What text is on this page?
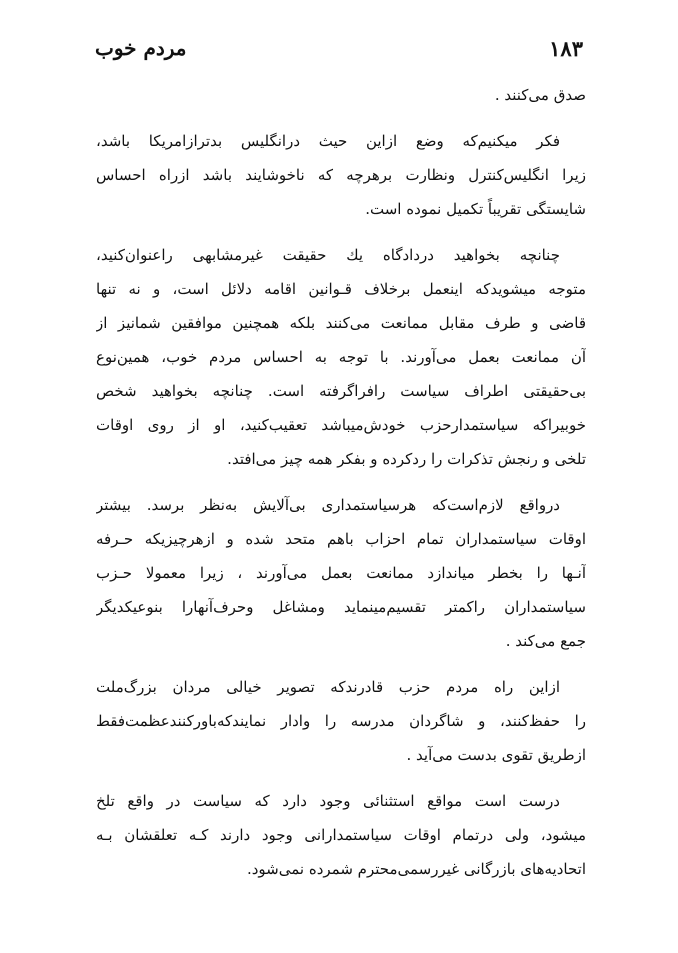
۱۸۳
مردم خوب
صدق می‌کنند .
فکر میکنیم‌که وضع ازاین حیث درانگلیس بدترازامریکا باشد،
زیرا انگلیس‌کنترل ونظارت برهرچه که ناخوشایند باشد ازراه احساس
شایستگی تقریباً تکمیل نموده است.
چنانچه بخواهید دردادگاه یك حقیقت غیرمشابهی راعنوان‌کنید،
متوجه میشویدکه اینعمل برخلاف قـوانین اقامه دلائل است، و نه تنها
قاضی و طرف مقابل ممانعت می‌کنند بلکه همچنین موافقین شمانیز از
آن ممانعت بعمل می‌آورند. با توجه به احساس مردم خوب، همین‌نوع
بی‌حقیقتی اطراف سیاست رافراگرفته است. چنانچه بخواهید شخص
خوبیراکه سیاستمدارحزب خودش‌میباشد تعقیب‌کنید، او از روی اوقات
تلخی و رنجش تذکرات را ردکرده و بفکر همه چیز می‌افتد.
درواقع لازم‌است‌که هرسیاستمداری بی‌آلایش به‌نظر برسد. بیشتر
اوقات سیاستمداران تمام احزاب باهم متحد شده و ازهرچیزیکه حـرفه
آنـها را بخطر میاندازد ممانعت بعمل می‌آورند ، زیرا معمولا حـزب
سیاستمداران راکمتر تقسیم‌مینماید ومشاغل وحرف‌آنهارا بنوعیکدیگر
جمع می‌کند .
ازاین راه مردم حزب قادرندکه تصویر خیالی مردان بزرگ‌ملت
را حفظ‌کنند، و شاگردان مدرسه را وادار نمایندکه‌باورکنندعظمت‌فقط
ازطریق تقوی بدست می‌آید .
درست است مواقع استثنائی وجود دارد که سیاست در واقع تلخ
میشود، ولی درتمام اوقات سیاستمدارانی وجود دارند کـه تعلقشان بـه
اتحادیه‌های بازرگانی غیررسمی‌محترم شمرده نمی‌شود.
